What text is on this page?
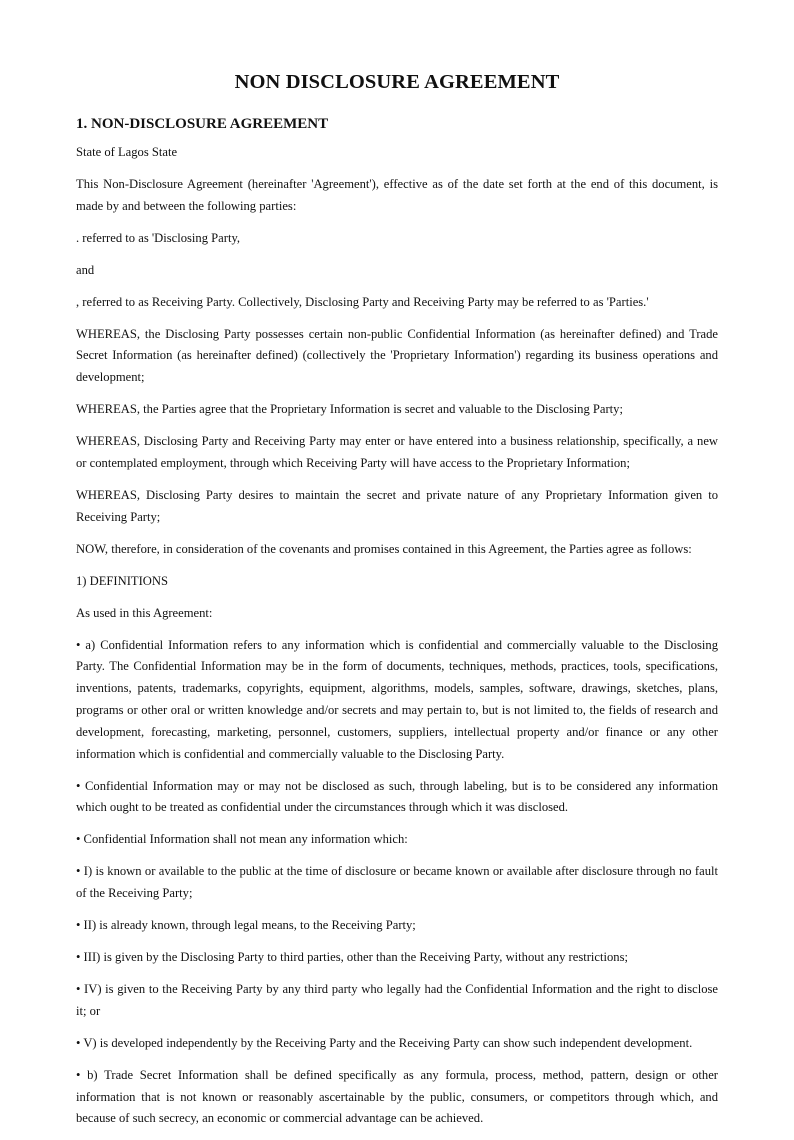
NON DISCLOSURE AGREEMENT
1. NON-DISCLOSURE AGREEMENT

State of Lagos State

This Non-Disclosure Agreement (hereinafter 'Agreement'), effective as of the date set forth at the end of this document, is made by and between the following parties:

. referred to as 'Disclosing Party,

and

, referred to as Receiving Party. Collectively, Disclosing Party and Receiving Party may be referred to as 'Parties.'

WHEREAS, the Disclosing Party possesses certain non-public Confidential Information (as hereinafter defined) and Trade Secret Information (as hereinafter defined) (collectively the 'Proprietary Information') regarding its business operations and development;

WHEREAS, the Parties agree that the Proprietary Information is secret and valuable to the Disclosing Party;

WHEREAS, Disclosing Party and Receiving Party may enter or have entered into a business relationship, specifically, a new or contemplated employment, through which Receiving Party will have access to the Proprietary Information;

WHEREAS, Disclosing Party desires to maintain the secret and private nature of any Proprietary Information given to Receiving Party;

NOW, therefore, in consideration of the covenants and promises contained in this Agreement, the Parties agree as follows:

1) DEFINITIONS

As used in this Agreement:

• a) Confidential Information refers to any information which is confidential and commercially valuable to the Disclosing Party. The Confidential Information may be in the form of documents, techniques, methods, practices, tools, specifications, inventions, patents, trademarks, copyrights, equipment, algorithms, models, samples, software, drawings, sketches, plans, programs or other oral or written knowledge and/or secrets and may pertain to, but is not limited to, the fields of research and development, forecasting, marketing, personnel, customers, suppliers, intellectual property and/or finance or any other information which is confidential and commercially valuable to the Disclosing Party.

• Confidential Information may or may not be disclosed as such, through labeling, but is to be considered any information which ought to be treated as confidential under the circumstances through which it was disclosed.

• Confidential Information shall not mean any information which:

• I) is known or available to the public at the time of disclosure or became known or available after disclosure through no fault of the Receiving Party;

• II) is already known, through legal means, to the Receiving Party;

• III) is given by the Disclosing Party to third parties, other than the Receiving Party, without any restrictions;

• IV) is given to the Receiving Party by any third party who legally had the Confidential Information and the right to disclose it; or

• V) is developed independently by the Receiving Party and the Receiving Party can show such independent development.

• b) Trade Secret Information shall be defined specifically as any formula, process, method, pattern, design or other information that is not known or reasonably ascertainable by the public, consumers, or competitors through which, and because of such secrecy, an economic or commercial advantage can be achieved.
